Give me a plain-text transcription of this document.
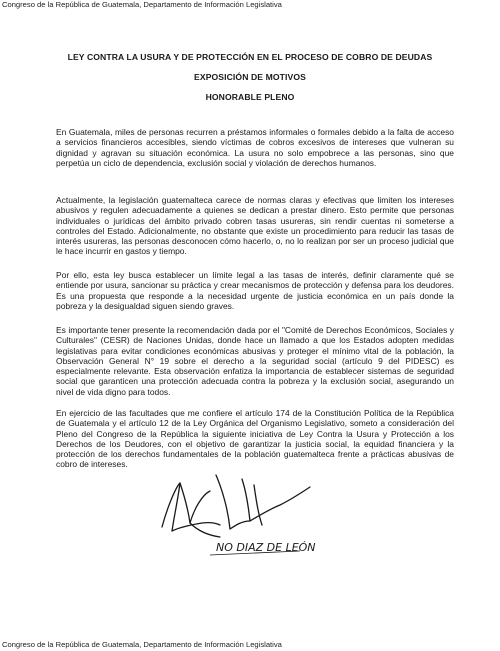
Congreso de la República de Guatemala, Departamento de Información Legislativa
LEY CONTRA LA USURA Y DE PROTECCIÓN EN EL PROCESO DE COBRO DE DEUDAS
EXPOSICIÓN DE MOTIVOS
HONORABLE PLENO

En Guatemala, miles de personas recurren a préstamos informales o formales debido a la falta de acceso a servicios financieros accesibles, siendo víctimas de cobros excesivos de intereses que vulneran su dignidad y agravan su situación económica. La usura no solo empobrece a las personas, sino que perpetúa un ciclo de dependencia, exclusión social y violación de derechos humanos.

Actualmente, la legislación guatemalteca carece de normas claras y efectivas que limiten los intereses abusivos y regulen adecuadamente a quienes se dedican a prestar dinero. Esto permite que personas individuales o jurídicas del ámbito privado cobren tasas usureras, sin rendir cuentas ni someterse a controles del Estado. Adicionalmente, no obstante que existe un procedimiento para reducir las tasas de interés usureras, las personas desconocen cómo hacerlo, o, no lo realizan por ser un proceso judicial que le hace incurrir en gastos y tiempo.

Por ello, esta ley busca establecer un límite legal a las tasas de interés, definir claramente qué se entiende por usura, sancionar su práctica y crear mecanismos de protección y defensa para los deudores. Es una propuesta que responde a la necesidad urgente de justicia económica en un país donde la pobreza y la desigualdad siguen siendo graves.

Es importante tener presente la recomendación dada por el "Comité de Derechos Económicos, Sociales y Culturales" (CESR) de Naciones Unidas, donde hace un llamado a que los Estados adopten medidas legislativas para evitar condiciones económicas abusivas y proteger el mínimo vital de la población, la Observación General N° 19 sobre el derecho a la seguridad social (artículo 9 del PIDESC) es especialmente relevante. Esta observación enfatiza la importancia de establecer sistemas de seguridad social que garanticen una protección adecuada contra la pobreza y la exclusión social, asegurando un nivel de vida digno para todos.

En ejercicio de las facultades que me confiere el artículo 174 de la Constitución Política de la República de Guatemala y el artículo 12 de la Ley Orgánica del Organismo Legislativo, someto a consideración del Pleno del Congreso de la República la siguiente iniciativa de Ley Contra la Usura y Protección a los Derechos de los Deudores, con el objetivo de garantizar la justicia social, la equidad financiera y la protección de los derechos fundamentales de la población guatemalteca frente a prácticas abusivas de cobro de intereses.

NO DIAZ DE LEÓN
Congreso de la República de Guatemala, Departamento de Información Legislativa
